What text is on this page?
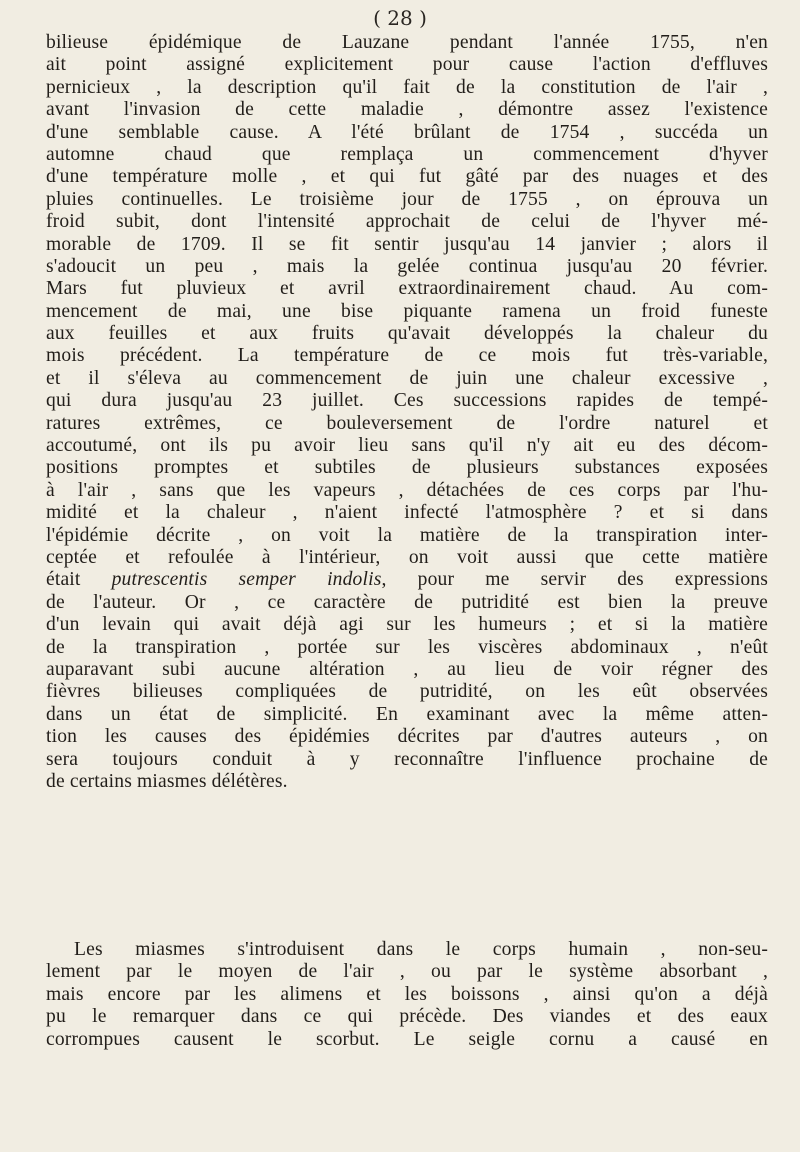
( 28 )
bilieuse épidémique de Lauzane pendant l'année 1755, n'en
ait point assigné explicitement pour cause l'action d'effluves
pernicieux , la description qu'il fait de la constitution de l'air ,
avant l'invasion de cette maladie , démontre assez l'existence
d'une semblable cause. A l'été brûlant de 1754 , succéda un
automne chaud que remplaça un commencement d'hyver
d'une température molle , et qui fut gâté par des nuages et des
pluies continuelles. Le troisième jour de 1755 , on éprouva un
froid subit, dont l'intensité approchait de celui de l'hyver mé-
morable de 1709. Il se fit sentir jusqu'au 14 janvier ; alors il
s'adoucit un peu , mais la gelée continua jusqu'au 20 février.
Mars fut pluvieux et avril extraordinairement chaud. Au com-
mencement de mai, une bise piquante ramena un froid funeste
aux feuilles et aux fruits qu'avait développés la chaleur du
mois précédent. La température de ce mois fut très-variable,
et il s'éleva au commencement de juin une chaleur excessive ,
qui dura jusqu'au 23 juillet. Ces successions rapides de tempé-
ratures extrêmes, ce bouleversement de l'ordre naturel et
accoutumé, ont ils pu avoir lieu sans qu'il n'y ait eu des décom-
positions promptes et subtiles de plusieurs substances exposées
à l'air , sans que les vapeurs , détachées de ces corps par l'hu-
midité et la chaleur , n'aient infecté l'atmosphère ? et si dans
l'épidémie décrite , on voit la matière de la transpiration inter-
ceptée et refoulée à l'intérieur, on voit aussi que cette matière
était putrescentis semper indolis, pour me servir des expressions
de l'auteur. Or , ce caractère de putridité est bien la preuve
d'un levain qui avait déjà agi sur les humeurs ; et si la matière
de la transpiration , portée sur les viscères abdominaux , n'eût
auparavant subi aucune altération , au lieu de voir régner des
fièvres bilieuses compliquées de putridité, on les eût observées
dans un état de simplicité. En examinant avec la même atten-
tion les causes des épidémies décrites par d'autres auteurs , on
sera toujours conduit à y reconnaître l'influence prochaine de
de certains miasmes délétères.
Les miasmes s'introduisent dans le corps humain , non-seu-
lement par le moyen de l'air , ou par le système absorbant ,
mais encore par les alimens et les boissons , ainsi qu'on a déjà
pu le remarquer dans ce qui précède. Des viandes et des eaux
corrompues causent le scorbut. Le seigle cornu a causé en
